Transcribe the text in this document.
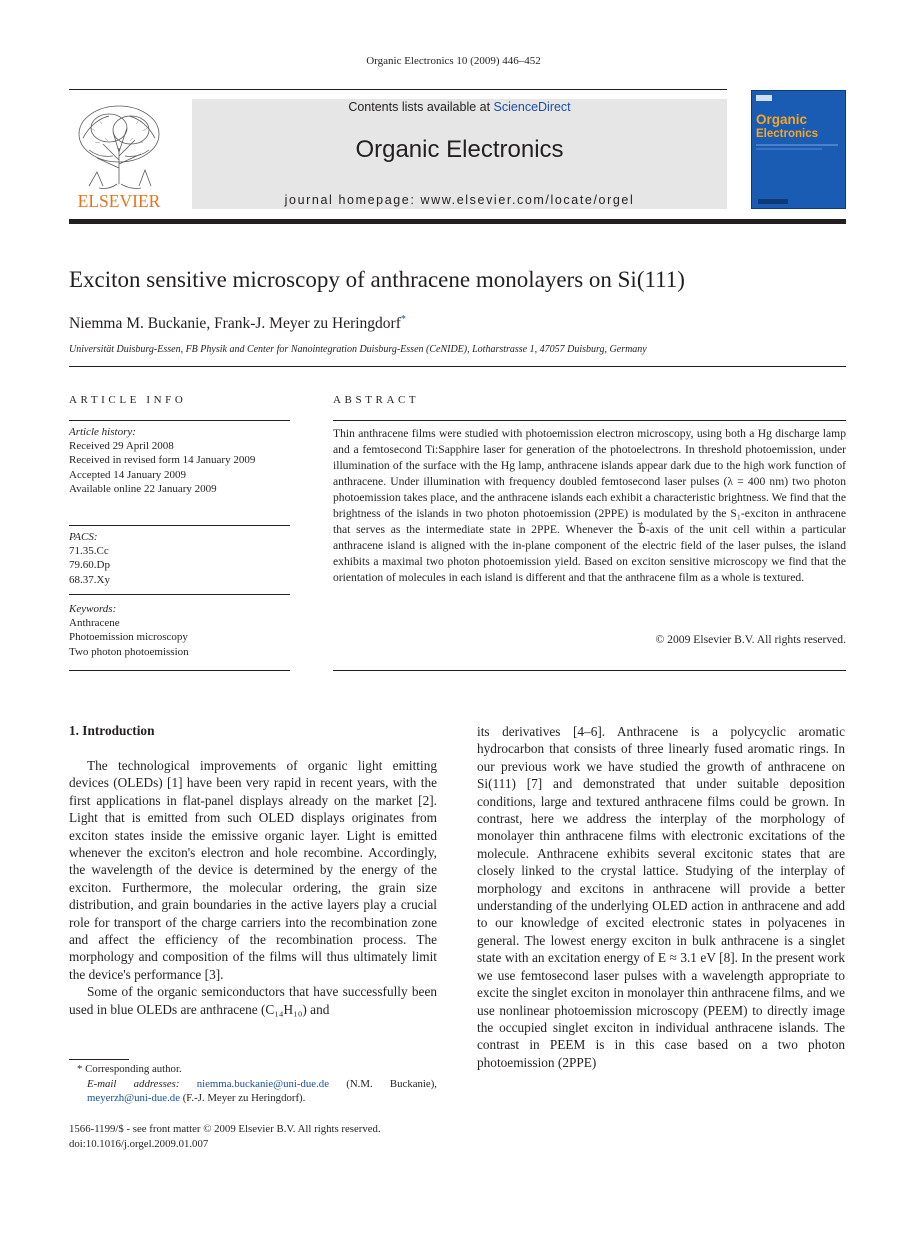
Organic Electronics 10 (2009) 446–452
ELSEVIER
Contents lists available at ScienceDirect
Organic Electronics
journal homepage: www.elsevier.com/locate/orgel
Organic
Electronics
Exciton sensitive microscopy of anthracene monolayers on Si(111)
Niemma M. Buckanie, Frank-J. Meyer zu Heringdorf*
Universität Duisburg-Essen, FB Physik and Center for Nanointegration Duisburg-Essen (CeNIDE), Lotharstrasse 1, 47057 Duisburg, Germany
ARTICLE INFO	ABSTRACT
Article history:
Received 29 April 2008
Received in revised form 14 January 2009
Accepted 14 January 2009
Available online 22 January 2009
PACS:
71.35.Cc
79.60.Dp
68.37.Xy
Keywords:
Anthracene
Photoemission microscopy
Two photon photoemission
Thin anthracene films were studied with photoemission electron microscopy, using both a Hg discharge lamp and a femtosecond Ti:Sapphire laser for generation of the photoelectrons. In threshold photoemission, under illumination of the surface with the Hg lamp, anthracene islands appear dark due to the high work function of anthracene. Under illumination with frequency doubled femtosecond laser pulses (λ = 400 nm) two photon photoemission takes place, and the anthracene islands each exhibit a characteristic brightness. We find that the brightness of the islands in two photon photoemission (2PPE) is modulated by the S₁-exciton in anthracene that serves as the intermediate state in 2PPE. Whenever the b⃗-axis of the unit cell within a particular anthracene island is aligned with the in-plane component of the electric field of the laser pulses, the island exhibits a maximal two photon photoemission yield. Based on exciton sensitive microscopy we find that the orientation of molecules in each island is different and that the anthracene film as a whole is textured.
© 2009 Elsevier B.V. All rights reserved.
1. Introduction

The technological improvements of organic light emitting devices (OLEDs) [1] have been very rapid in recent years, with the first applications in flat-panel displays already on the market [2]. Light that is emitted from such OLED displays originates from exciton states inside the emissive organic layer. Light is emitted whenever the exciton's electron and hole recombine. Accordingly, the wavelength of the device is determined by the energy of the exciton. Furthermore, the molecular ordering, the grain size distribution, and grain boundaries in the active layers play a crucial role for transport of the charge carriers into the recombination zone and affect the efficiency of the recombination process. The morphology and composition of the films will thus ultimately limit the device's performance [3].

Some of the organic semiconductors that have successfully been used in blue OLEDs are anthracene (C₁₄H₁₀) and

its derivatives [4–6]. Anthracene is a polycyclic aromatic hydrocarbon that consists of three linearly fused aromatic rings. In our previous work we have studied the growth of anthracene on Si(111) [7] and demonstrated that under suitable deposition conditions, large and textured anthracene films could be grown. In contrast, here we address the interplay of the morphology of monolayer thin anthracene films with electronic excitations of the molecule. Anthracene exhibits several excitonic states that are closely linked to the crystal lattice. Studying of the interplay of morphology and excitons in anthracene will provide a better understanding of the underlying OLED action in anthracene and add to our knowledge of excited electronic states in polyacenes in general. The lowest energy exciton in bulk anthracene is a singlet state with an excitation energy of E ≈ 3.1 eV [8]. In the present work we use femtosecond laser pulses with a wavelength appropriate to excite the singlet exciton in monolayer thin anthracene films, and we use nonlinear photoemission microscopy (PEEM) to directly image the occupied singlet exciton in individual anthracene islands. The contrast in PEEM is in this case based on a two photon photoemission (2PPE)

* Corresponding author.
E-mail addresses: niemma.buckanie@uni-due.de (N.M. Buckanie), meyerzh@uni-due.de (F.-J. Meyer zu Heringdorf).
1566-1199/$ - see front matter © 2009 Elsevier B.V. All rights reserved.
doi:10.1016/j.orgel.2009.01.007
